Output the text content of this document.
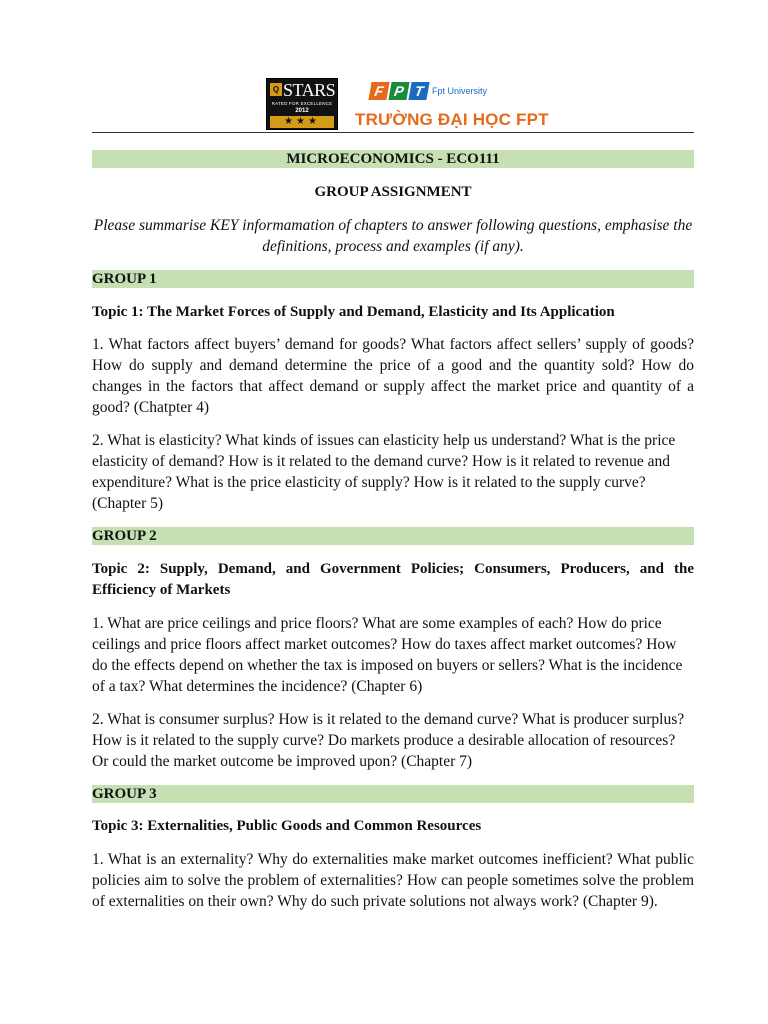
Q STARS
RATED FOR EXCELLENCE
2012
★★★
F P T Fpt University
TRƯỜNG ĐẠI HỌC FPT
MICROECONOMICS - ECO111
GROUP ASSIGNMENT
Please summarise KEY informamation of chapters to answer following questions, emphasise the definitions, process and examples (if any).
GROUP 1
Topic 1: The Market Forces of Supply and Demand, Elasticity and Its Application
1. What factors affect buyers’ demand for goods? What factors affect sellers’ supply of goods? How do supply and demand determine the price of a good and the quantity sold? How do changes in the factors that affect demand or supply affect the market price and quantity of a good? (Chatpter 4)
2. What is elasticity? What kinds of issues can elasticity help us understand? What is the price elasticity of demand? How is it related to the demand curve? How is it related to revenue and expenditure? What is the price elasticity of supply? How is it related to the supply curve? (Chapter 5)
GROUP 2
Topic 2: Supply, Demand, and Government Policies; Consumers, Producers, and the Efficiency of Markets
1. What are price ceilings and price floors? What are some examples of each? How do price ceilings and price floors affect market outcomes? How do taxes affect market outcomes? How do the effects depend on whether the tax is imposed on buyers or sellers? What is the incidence of a tax? What determines the incidence? (Chapter 6)
2. What is consumer surplus? How is it related to the demand curve? What is producer surplus? How is it related to the supply curve? Do markets produce a desirable allocation of resources? Or could the market outcome be improved upon? (Chapter 7)
GROUP 3
Topic 3: Externalities, Public Goods and Common Resources
1. What is an externality? Why do externalities make market outcomes inefficient? What public policies aim to solve the problem of externalities? How can people sometimes solve the problem of externalities on their own? Why do such private solutions not always work? (Chapter 9).
